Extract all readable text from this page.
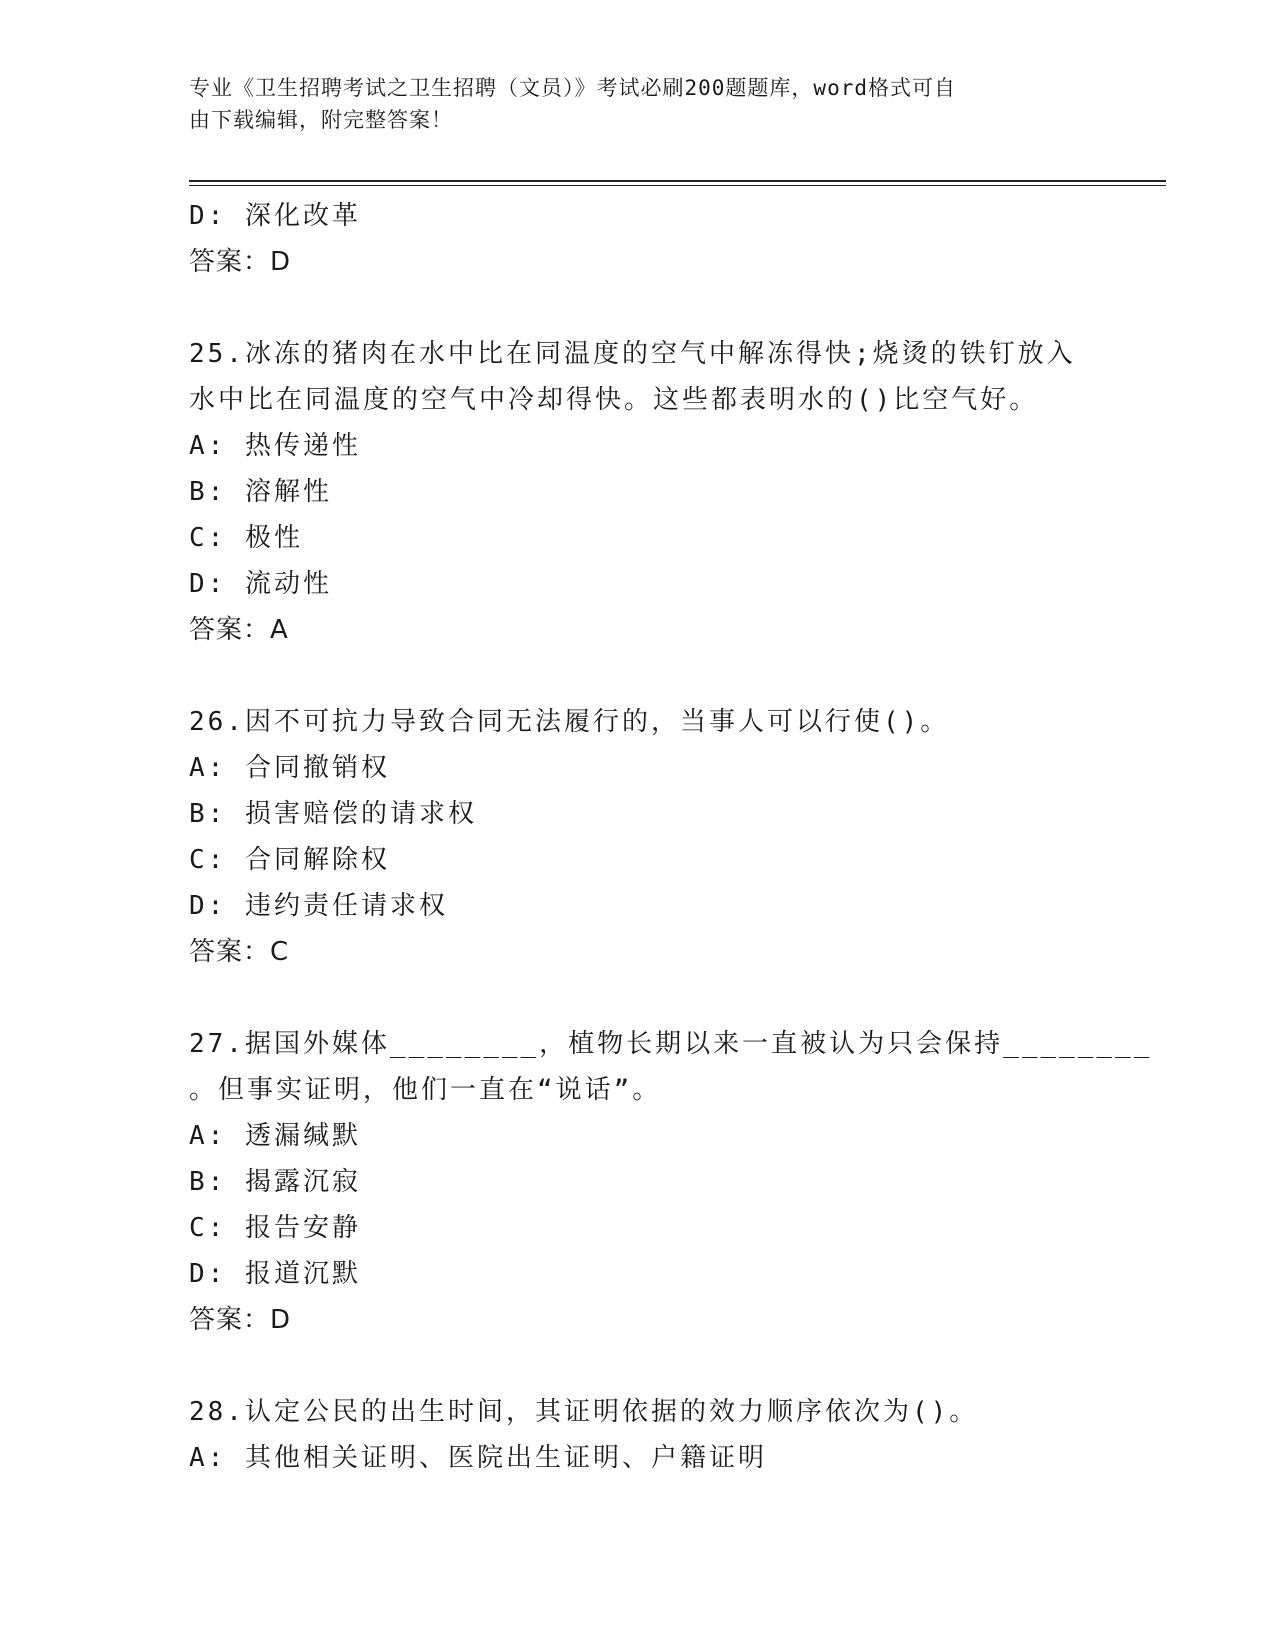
专业《卫生招聘考试之卫生招聘（文员）》考试必刷200题题库，word格式可自
由下载编辑，附完整答案！
D: 深化改革
答案：D
25.冰冻的猪肉在水中比在同温度的空气中解冻得快;烧烫的铁钉放入
水中比在同温度的空气中冷却得快。这些都表明水的()比空气好。
A: 热传递性
B: 溶解性
C: 极性
D: 流动性
答案：A
26.因不可抗力导致合同无法履行的，当事人可以行使()。
A: 合同撤销权
B: 损害赔偿的请求权
C: 合同解除权
D: 违约责任请求权
答案：C
27.据国外媒体________，植物长期以来一直被认为只会保持________
。但事实证明，他们一直在“说话”。
A: 透漏缄默
B: 揭露沉寂
C: 报告安静
D: 报道沉默
答案：D
28.认定公民的出生时间，其证明依据的效力顺序依次为()。
A: 其他相关证明、医院出生证明、户籍证明
